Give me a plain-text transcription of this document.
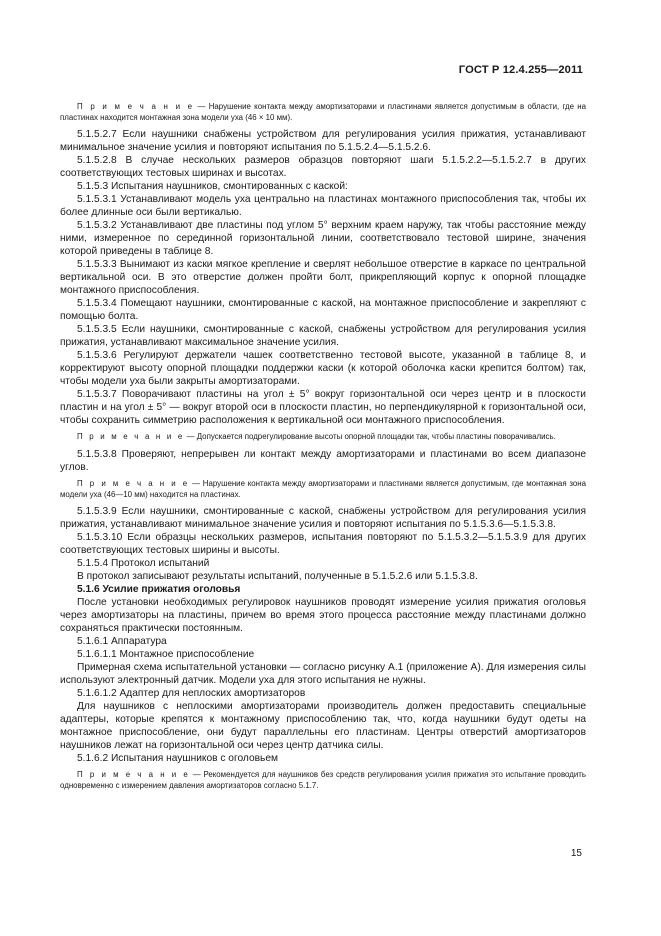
ГОСТ Р 12.4.255—2011

П р и м е ч а н и е — Нарушение контакта между амортизаторами и пластинами является допустимым в области, где на пластинах находится монтажная зона модели уха (46 × 10 мм).

5.1.5.2.7 Если наушники снабжены устройством для регулирования усилия прижатия, устанавливают минимальное значение усилия и повторяют испытания по 5.1.5.2.4—5.1.5.2.6.

5.1.5.2.8 В случае нескольких размеров образцов повторяют шаги 5.1.5.2.2—5.1.5.2.7 в других соответствующих тестовых ширинах и высотах.

5.1.5.3 Испытания наушников, смонтированных с каской:

5.1.5.3.1 Устанавливают модель уха центрально на пластинах монтажного приспособления так, чтобы их более длинные оси были вертикалью.

5.1.5.3.2 Устанавливают две пластины под углом 5° верхним краем наружу, так чтобы расстояние между ними, измеренное по серединной горизонтальной линии, соответствовало тестовой ширине, значения которой приведены в таблице 8.

5.1.5.3.3 Вынимают из каски мягкое крепление и сверлят небольшое отверстие в каркасе по центральной вертикальной оси. В это отверстие должен пройти болт, прикрепляющий корпус к опорной площадке монтажного приспособления.

5.1.5.3.4 Помещают наушники, смонтированные с каской, на монтажное приспособление и закрепляют с помощью болта.

5.1.5.3.5 Если наушники, смонтированные с каской, снабжены устройством для регулирования усилия прижатия, устанавливают максимальное значение усилия.

5.1.5.3.6 Регулируют держатели чашек соответственно тестовой высоте, указанной в таблице 8, и корректируют высоту опорной площадки поддержки каски (к которой оболочка каски крепится болтом) так, чтобы модели уха были закрыты амортизаторами.

5.1.5.3.7 Поворачивают пластины на угол ± 5° вокруг горизонтальной оси через центр и в плоскости пластин и на угол ± 5° — вокруг второй оси в плоскости пластин, но перпендикулярной к горизонтальной оси, чтобы сохранить симметрию расположения к вертикальной оси монтажного приспособления.

П р и м е ч а н и е — Допускается подрегулирование высоты опорной площадки так, чтобы пластины поворачивались.

5.1.5.3.8 Проверяют, непрерывен ли контакт между амортизаторами и пластинами во всем диапазоне углов.

П р и м е ч а н и е — Нарушение контакта между амортизаторами и пластинами является допустимым, где монтажная зона модели уха (46—10 мм) находится на пластинах.

5.1.5.3.9 Если наушники, смонтированные с каской, снабжены устройством для регулирования усилия прижатия, устанавливают минимальное значение усилия и повторяют испытания по 5.1.5.3.6—5.1.5.3.8.

5.1.5.3.10 Если образцы нескольких размеров, испытания повторяют по 5.1.5.3.2—5.1.5.3.9 для других соответствующих тестовых ширины и высоты.

5.1.5.4 Протокол испытаний

В протокол записывают результаты испытаний, полученные в 5.1.5.2.6 или 5.1.5.3.8.

5.1.6 Усилие прижатия оголовья

После установки необходимых регулировок наушников проводят измерение усилия прижатия оголовья через амортизаторы на пластины, причем во время этого процесса расстояние между пластинами должно сохраняться практически постоянным.

5.1.6.1 Аппаратура

5.1.6.1.1 Монтажное приспособление

Примерная схема испытательной установки — согласно рисунку А.1 (приложение А). Для измерения силы используют электронный датчик. Модели уха для этого испытания не нужны.

5.1.6.1.2 Адаптер для неплоских амортизаторов

Для наушников с неплоскими амортизаторами производитель должен предоставить специальные адаптеры, которые крепятся к монтажному приспособлению так, что, когда наушники будут одеты на монтажное приспособление, они будут параллельны его пластинам. Центры отверстий амортизаторов наушников лежат на горизонтальной оси через центр датчика силы.

5.1.6.2 Испытания наушников с оголовьем

П р и м е ч а н и е — Рекомендуется для наушников без средств регулирования усилия прижатия это испытание проводить одновременно с измерением давления амортизаторов согласно 5.1.7.

15
